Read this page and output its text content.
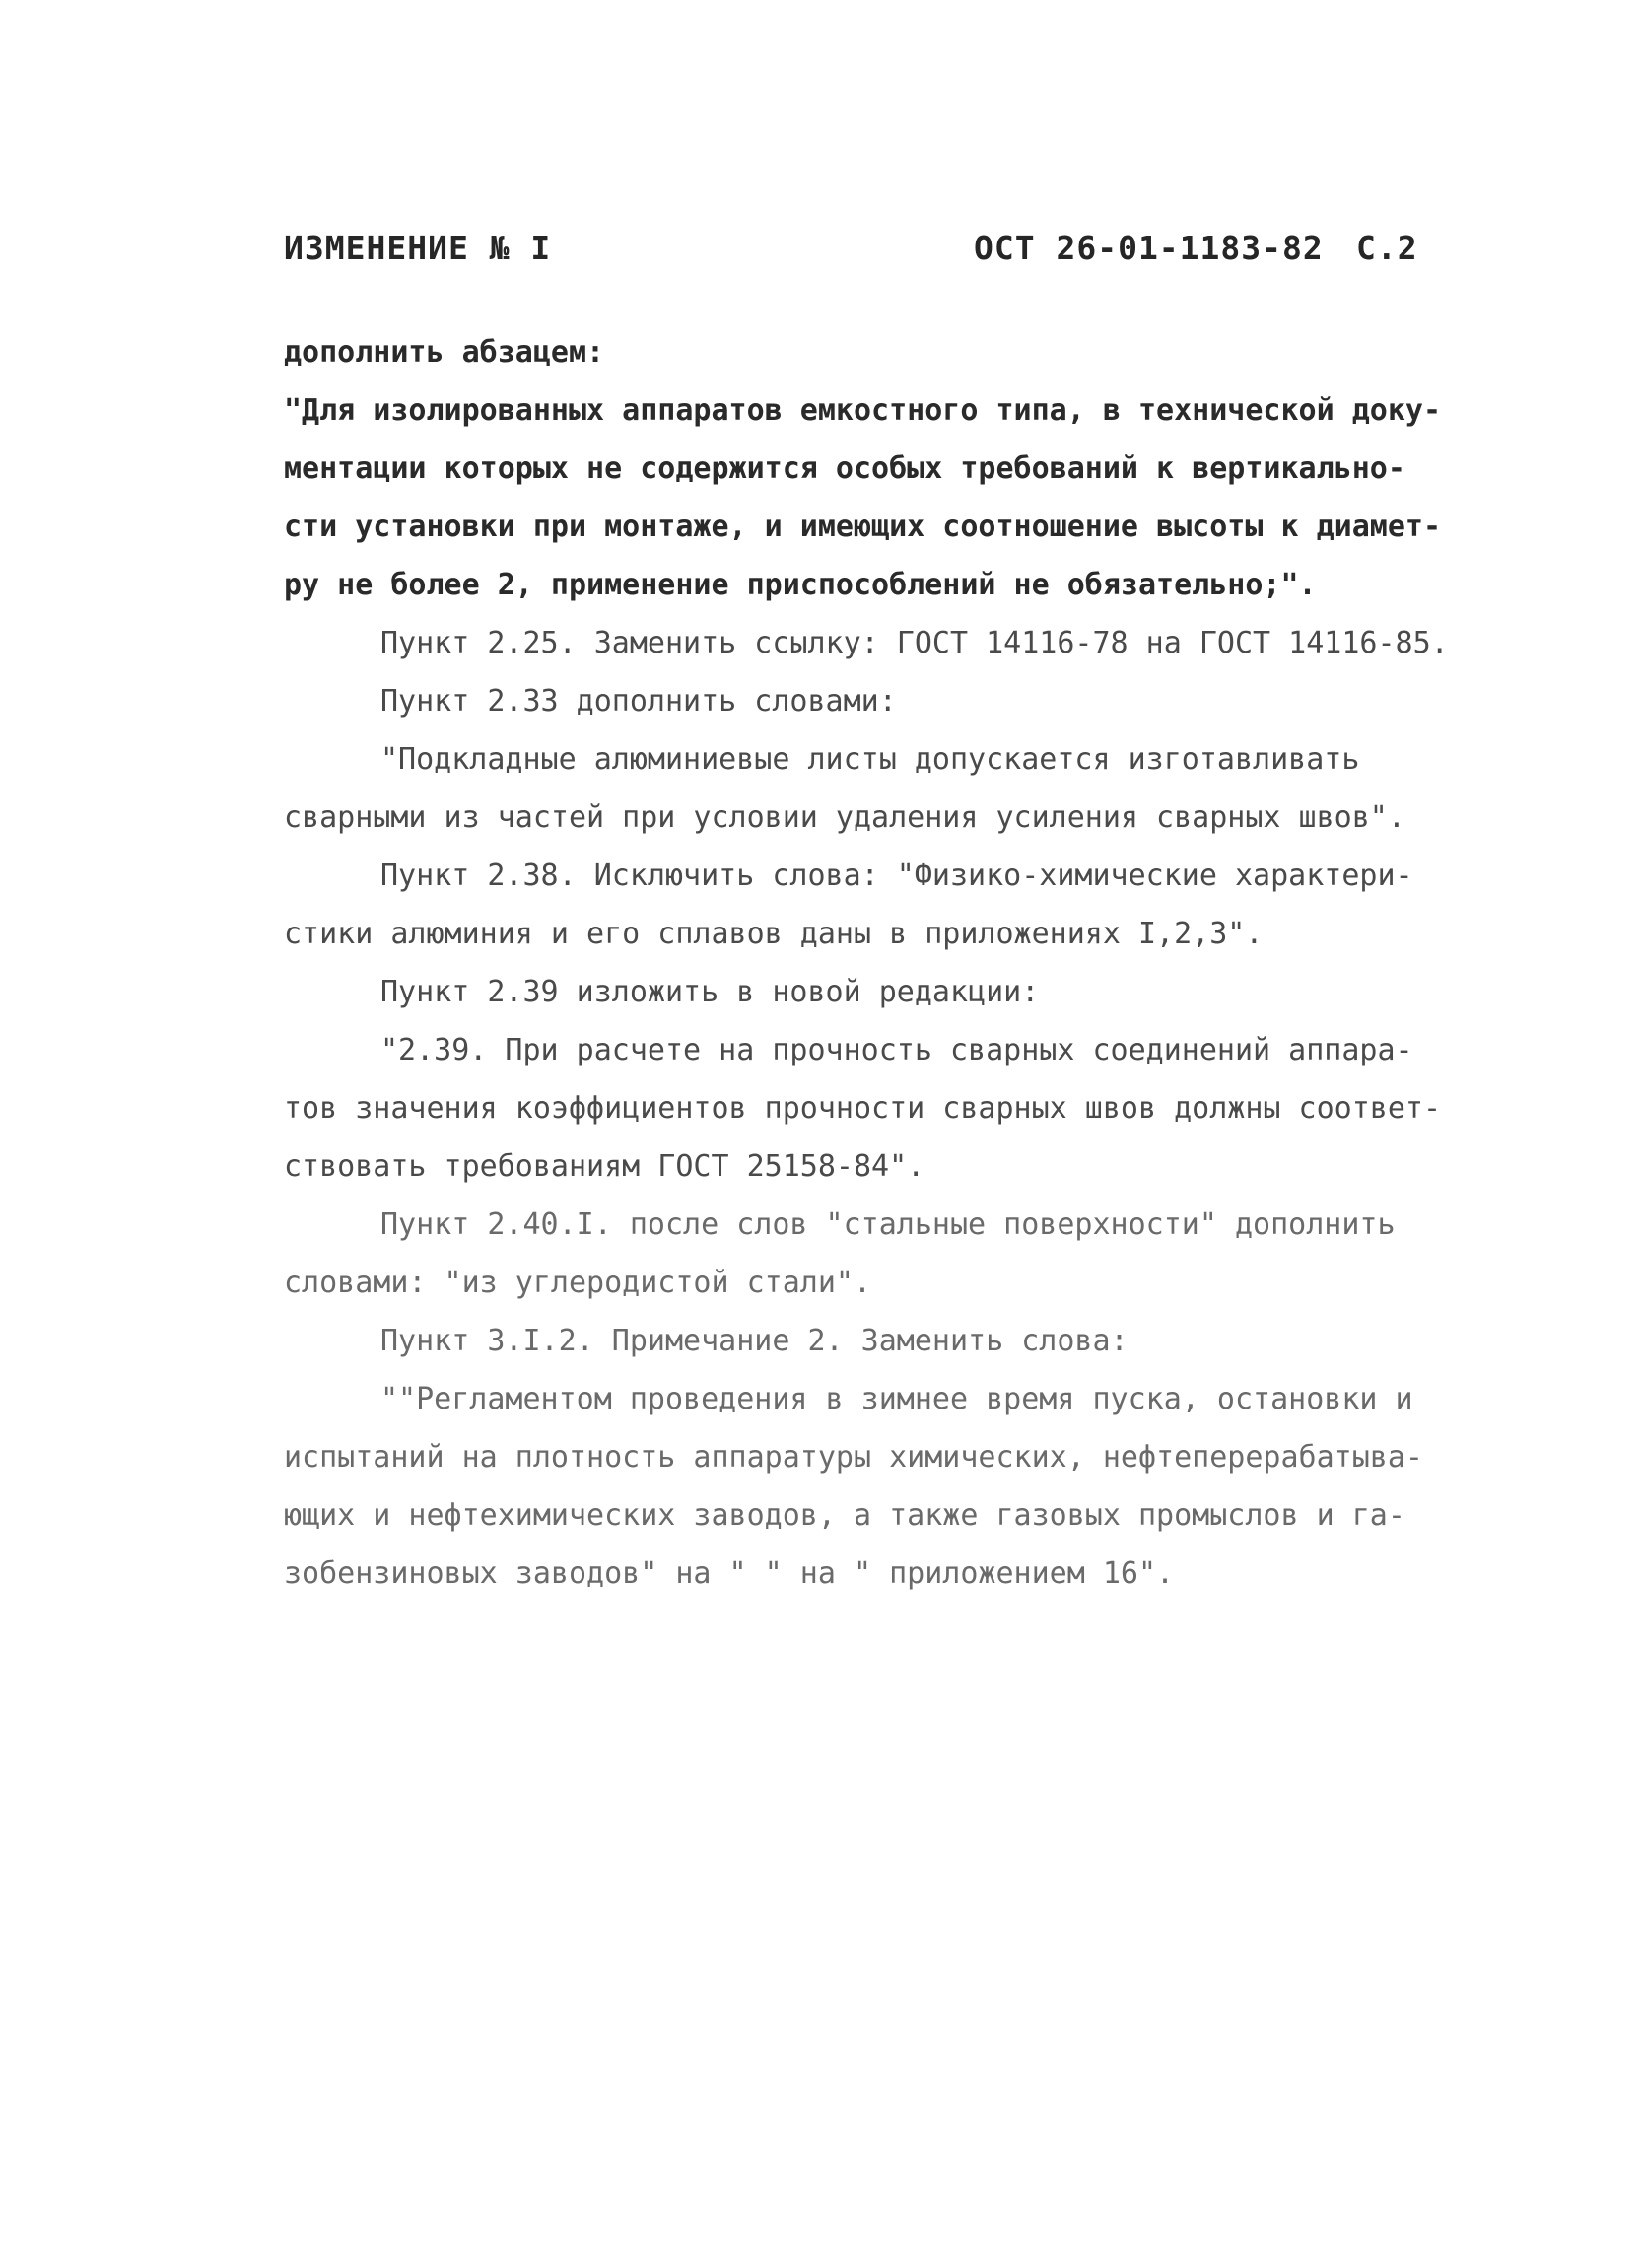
ИЗМЕНЕНИЕ № I	ОСТ 26-01-1183-82 С.2
дополнить абзацем:
"Для изолированных аппаратов емкостного типа, в технической доку-
ментации которых не содержится особых требований к вертикально-
сти установки при монтаже, и имеющих соотношение высоты к диамет-
ру не более 2, применение приспособлений не обязательно;".
Пункт 2.25. Заменить ссылку: ГОСТ 14116-78 на ГОСТ 14116-85.
Пункт 2.33 дополнить словами:
"Подкладные алюминиевые листы допускается изготавливать
сварными из частей при условии удаления усиления сварных швов".
Пункт 2.38. Исключить слова: "Физико-химические характери-
стики алюминия и его сплавов даны в приложениях I,2,3".
Пункт 2.39 изложить в новой редакции:
"2.39. При расчете на прочность сварных соединений аппара-
тов значения коэффициентов прочности сварных швов должны соответ-
ствовать требованиям ГОСТ 25158-84".
Пункт 2.40.I. после слов "стальные поверхности" дополнить
словами: "из углеродистой стали".
Пункт 3.I.2. Примечание 2. Заменить слова:
""Регламентом проведения в зимнее время пуска, остановки и
испытаний на плотность аппаратуры химических, нефтеперерабатыва-
ющих и нефтехимических заводов, а также газовых промыслов и га-
зобензиновых заводов" на " " на " приложением 16".
